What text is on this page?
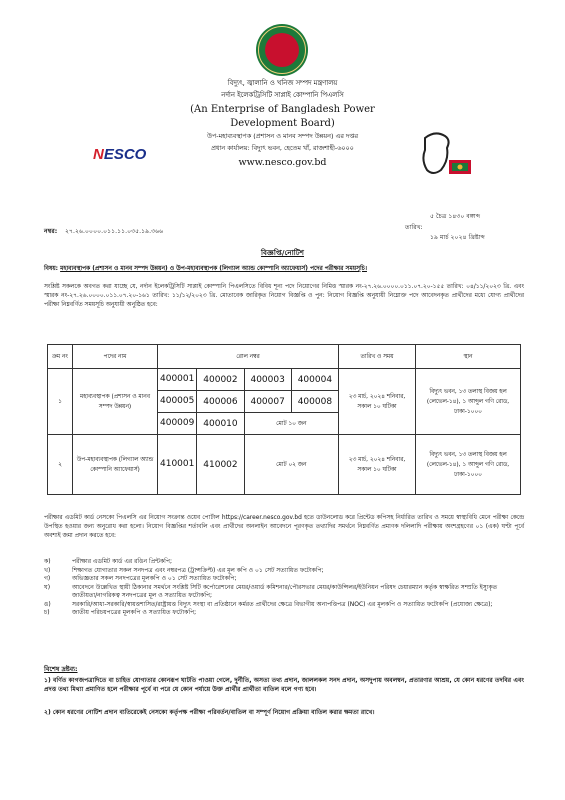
বিদ্যুৎ, জ্বালানি ও খনিজ সম্পদ মন্ত্রণালয়
নর্দান ইলেকট্রিসিটি সাপ্লাই কোম্পানি পিএলসি
(An Enterprise of Bangladesh Power
Development Board)
উপ-মহাব্যবস্থাপক (প্রশাসন ও মানব সম্পদ উন্নয়ন) এর দপ্তর
প্রধান কার্যালয়: বিদ্যুৎ ভবন, হেতেম খাঁ, রাজশাহী-৬০০০
www.nesco.gov.bd
NESCO
৫ চৈত্র ১৪৩০ বঙ্গাব্দ
নম্বর: ২৭.২৬.০০০০.০১১.১১.০৩৫.১৯.৩৬৬
তারিখ:
১৯ মার্চ ২০২৪ খ্রিষ্টাব্দ
বিজ্ঞপ্তি/নোটিশ
বিষয়: মহাব্যবস্থাপক (প্রশাসন ও মানব সম্পদ উন্নয়ন) ও উপ-মহাব্যবস্থাপক (লিগ্যাল অ্যান্ড কোম্পানি অ্যাফেয়ার্স) পদের পরীক্ষার সময়সূচি।
সংশ্লিষ্ট সকলকে অবগত করা যাচ্ছে যে, নর্দান ইলেকট্রিসিটি সাপ্লাই কোম্পানি পিএলসিতে বিবিধ শূন্য পদে নিয়োগের নিমিত্ত স্মারক নং-২৭.২৬.০০০০.০১১.০৭.২০-১৫৫ তারিখ: ০৪/১১/২০২৩ খ্রি. এবং স্মারক নং-২৭.২৬.০০০০.০১১.০৭.২০-১৬১ তারিখ: ১১/১২/২০২৩ খ্রি. মোতাবেক জারিকৃত নিয়োগ বিজ্ঞপ্তি ও পুন: নিয়োগ বিজ্ঞপ্তি অনুযায়ী নিম্নোক্ত পদে আবেদনকৃত প্রার্থীদের মধ্যে যোগ্য প্রার্থীদের পরীক্ষা নিম্নবর্ণিত সময়সূচি অনুযায়ী অনুষ্ঠিত হবে:
ক্রম নং	পদের নাম	রোল নম্বর				তারিখ ও সময়	স্থান
১	মহাব্যবস্থাপক (প্রশাসন ও মানব সম্পদ উন্নয়ন)	400001	400002	400003	400004	২৩ মার্চ, ২০২৪ শনিবার, সকাল ১০ ঘটিকা	বিদ্যুৎ ভবন, ১৩ তলাস্থ বিজয় হল (লেভেল-১৪), ১ আব্দুল গণি রোড, ঢাকা-১০০০
		400005	400006	400007	400008		
		400009	400010	মোট ১০ জন			
২	উপ-মহাব্যবস্থাপক (লিগ্যাল অ্যান্ড কোম্পানি অ্যাফেয়ার্স)	410001	410002	মোট ০২ জন		২৩ মার্চ, ২০২৪ শনিবার, সকাল ১০ ঘটিকা	বিদ্যুৎ ভবন, ১৩ তলাস্থ বিজয় হল (লেভেল-১৪), ১ আব্দুল গণি রোড, ঢাকা-১০০০
পরীক্ষার এডমিট কার্ড নেসকো পিএলসি এর নিয়োগ সংক্রান্ত ওয়েব পোর্টাল https://career.nesco.gov.bd হতে ডাউনলোড করে প্রিন্টেড কপিসহ নির্ধারিত তারিখ ও সময়ে স্বাস্থ্যবিধি মেনে পরীক্ষা কেন্দ্রে উপস্থিত হওয়ার জন্য অনুরোধ করা হলো। নিয়োগ বিজ্ঞপ্তির শর্তাবলি এবং প্রার্থীদের অনলাইন আবেদনে পূরণকৃত তথ্যাদির সমর্থনে নিম্নবর্ণিত প্রমাণক দলিলাদি পরীক্ষায় অংশগ্রহণের ০১ (এক) ঘণ্টা পূর্বে অবশ্যই জমা প্রদান করতে হবে:
ক)	পরীক্ষার এডমিট কার্ড এর রঙিন প্রিন্টকপি;
খ)	শিক্ষাগত যোগ্যতার সকল সনদপত্র এবং নম্বরপত্র (ট্রান্সক্রিপ্ট) এর মূল কপি ও ০১ সেট সত্যায়িত ফটোকপি;
গ)	অভিজ্ঞতার সকল সনদপত্রের মূলকপি ও ০১ সেট সত্যায়িত ফটোকপি;
ঘ)	আবেদনে উল্লেখিত স্থায়ী ঠিকানার সমর্থনে সংশ্লিষ্ট সিটি কর্পোরেশনের মেয়র/ওয়ার্ড কমিশনার/পৌরসভার মেয়র/কাউন্সিলর/ইউনিয়ন পরিষদ চেয়ারম্যান কর্তৃক স্বাক্ষরিত সম্প্রতি ইস্যুকৃত জাতীয়তা/নাগরিকত্ব সনদপত্রের মূল ও সত্যায়িত ফটোকপি;
ঙ)	সরকারি/আধা-সরকারি/স্বায়ত্তশাসিত/রাষ্ট্রায়ত্ত বিদ্যুৎ সংস্থা বা প্রতিষ্ঠানে কর্মরত প্রার্থীদের ক্ষেত্রে বিভাগীয় অনাপত্তিপত্র (NOC) এর মূলকপি ও সত্যায়িত ফটোকপি (প্রযোজ্য ক্ষেত্রে);
চ)	জাতীয় পরিচয়পত্রের মূলকপি ও সত্যায়িত ফটোকপি;
বিশেষ দ্রষ্টব্য:
১) বর্ণিত কাগজপত্রাদিতে বা চাহিত যোগ্যতার কোনরূপ ঘাটতি পাওয়া গেলে, দুর্নীতি, অসত্য তথ্য প্রদান, জাললকল সনদ প্রদান, অসদুপায় অবলম্বন, প্রতারণার আশ্রয়, যে কোন ধরণের তদবির এবং প্রদত্ত তথ্য মিথ্যা প্রমাণিত হলে পরীক্ষার পূর্বে বা পরে যে কোন পর্যায়ে উক্ত প্রার্থীর প্রার্থীতা বাতিল বলে গণ্য হবে।
২) কোন ধরণের নোটিশ প্রদান ব্যতিরেকেই নেসকো কর্তৃপক্ষ পরীক্ষা পরিবর্তন/বাতিল বা সম্পূর্ণ নিয়োগ প্রক্রিয়া বাতিল করার ক্ষমতা রাখে।
